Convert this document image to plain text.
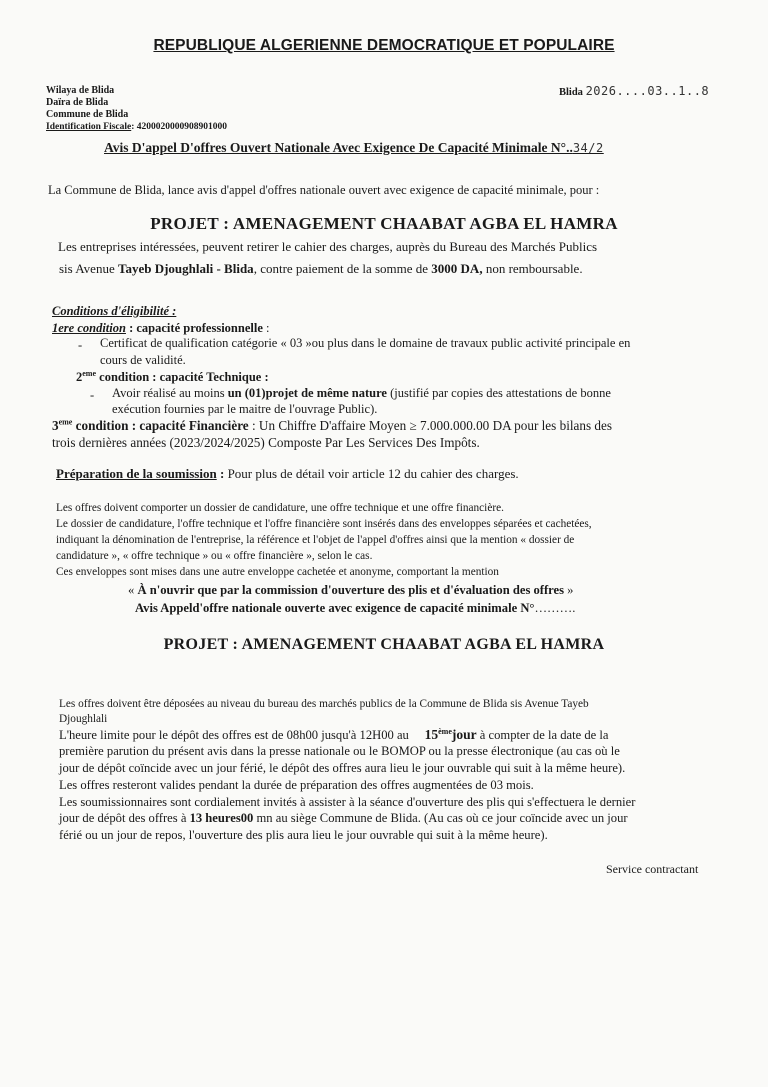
REPUBLIQUE ALGERIENNE DEMOCRATIQUE ET POPULAIRE
Wilaya de Blida
Daïra de Blida
Commune de Blida
Identification Fiscale: 420002000090890100​0
Blida 2026....03..1..8
Avis D'appel D'offres Ouvert Nationale Avec Exigence De Capacité Minimale N°..34/2
La Commune de Blida, lance avis d'appel d'offres nationale ouvert avec exigence de capacité minimale, pour :
PROJET : AMENAGEMENT CHAABAT AGBA EL HAMRA
Les entreprises intéressées, peuvent retirer le cahier des charges, auprès du Bureau des Marchés Publics
sis Avenue Tayeb Djoughlali - Blida, contre paiement de la somme de 3000 DA, non remboursable.
Conditions d'éligibilité :
1ere condition : capacité professionnelle :
- Certificat de qualification catégorie « 03 »ou plus dans le domaine de travaux public activité principale en
cours de validité.
2eme condition : capacité Technique :
- Avoir réalisé au moins un (01)projet de même nature (justifié par copies des attestations de bonne
exécution fournies par le maitre de l'ouvrage Public).
3eme condition : capacité Financière : Un Chiffre D'affaire Moyen ≥ 7.000.000.00 DA pour les bilans des
trois dernières années (2023/2024/2025) Composte Par Les Services Des Impôts.
Préparation de la soumission : Pour plus de détail voir article 12 du cahier des charges.
Les offres doivent comporter un dossier de candidature, une offre technique et une offre financière.
Le dossier de candidature, l'offre technique et l'offre financière sont insérés dans des enveloppes séparées et cachetées,
indiquant la dénomination de l'entreprise, la référence et l'objet de l'appel d'offres ainsi que la mention « dossier de
candidature », « offre technique » ou « offre financière », selon le cas.
Ces enveloppes sont mises dans une autre enveloppe cachetée et anonyme, comportant la mention
« À n'ouvrir que par la commission d'ouverture des plis et d'évaluation des offres »
Avis Appeld'offre nationale ouverte avec exigence de capacité minimale N°……….
PROJET : AMENAGEMENT CHAABAT AGBA EL HAMRA
Les offres doivent être déposées au niveau du bureau des marchés publics de la Commune de Blida sis Avenue Tayeb
Djoughlali
L'heure limite pour le dépôt des offres est de 08h00 jusqu'à 12H00 au 15èmejour à compter de la date de la
première parution du présent avis dans la presse nationale ou le BOMOP ou la presse électronique (au cas où le
jour de dépôt coïncide avec un jour férié, le dépôt des offres aura lieu le jour ouvrable qui suit à la même heure).
Les offres resteront valides pendant la durée de préparation des offres augmentées de 03 mois.
Les soumissionnaires sont cordialement invités à assister à la séance d'ouverture des plis qui s'effectuera le dernier
jour de dépôt des offres à 13 heures00 mn au siège Commune de Blida. (Au cas où ce jour coïncide avec un jour
férié ou un jour de repos, l'ouverture des plis aura lieu le jour ouvrable qui suit à la même heure).
Service contractant
